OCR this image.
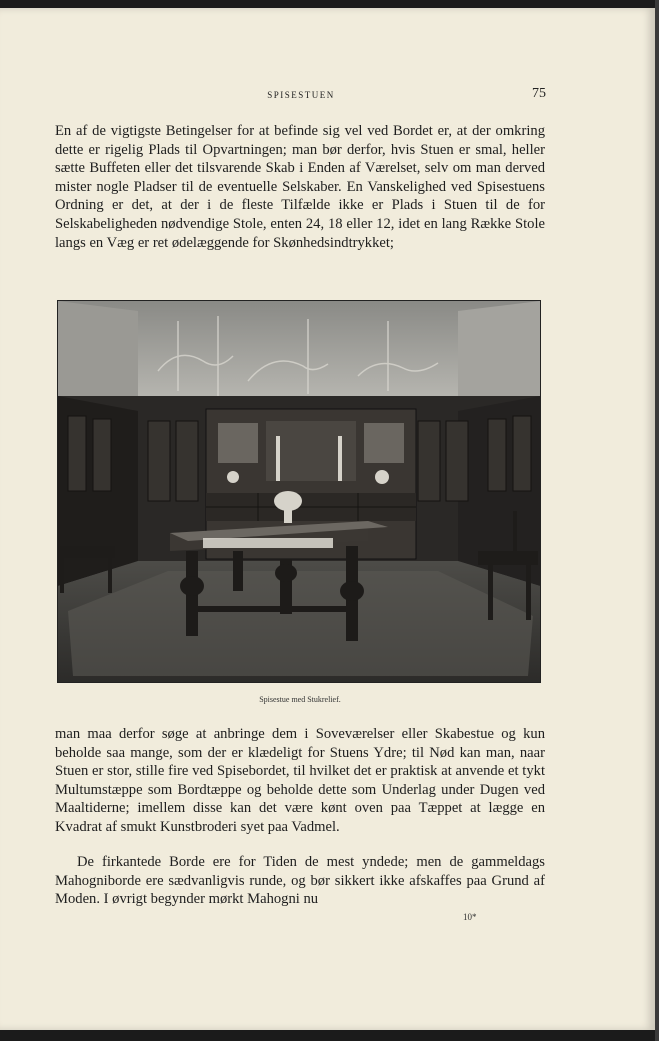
SPISESTUEN	75
En af de vigtigste Betingelser for at befinde sig vel ved Bordet er, at der omkring dette er rigelig Plads til Opvartningen; man bør derfor, hvis Stuen er smal, heller sætte Buffeten eller det tilsvarende Skab i Enden af Værelset, selv om man derved mister nogle Pladser til de eventuelle Selskaber. En Vanskelighed ved Spisestuens Ordning er det, at der i de fleste Tilfælde ikke er Plads i Stuen til de for Selskabeligheden nødvendige Stole, enten 24, 18 eller 12, idet en lang Række Stole langs en Væg er ret ødelæggende for Skønhedsindtrykket;
Spisestue med Stukrelief.
man maa derfor søge at anbringe dem i Soveværelser eller Skabestue og kun beholde saa mange, som der er klædeligt for Stuens Ydre; til Nød kan man, naar Stuen er stor, stille fire ved Spisebordet, til hvilket det er praktisk at anvende et tykt Multumstæppe som Bordtæppe og beholde dette som Underlag under Dugen ved Maaltiderne; imellem disse kan det være kønt oven paa Tæppet at lægge en Kvadrat af smukt Kunstbroderi syet paa Vadmel.
De firkantede Borde ere for Tiden de mest yndede; men de gammeldags Mahogniborde ere sædvanligvis runde, og bør sikkert ikke afskaffes paa Grund af Moden. I øvrigt begynder mørkt Mahogni nu
10*
